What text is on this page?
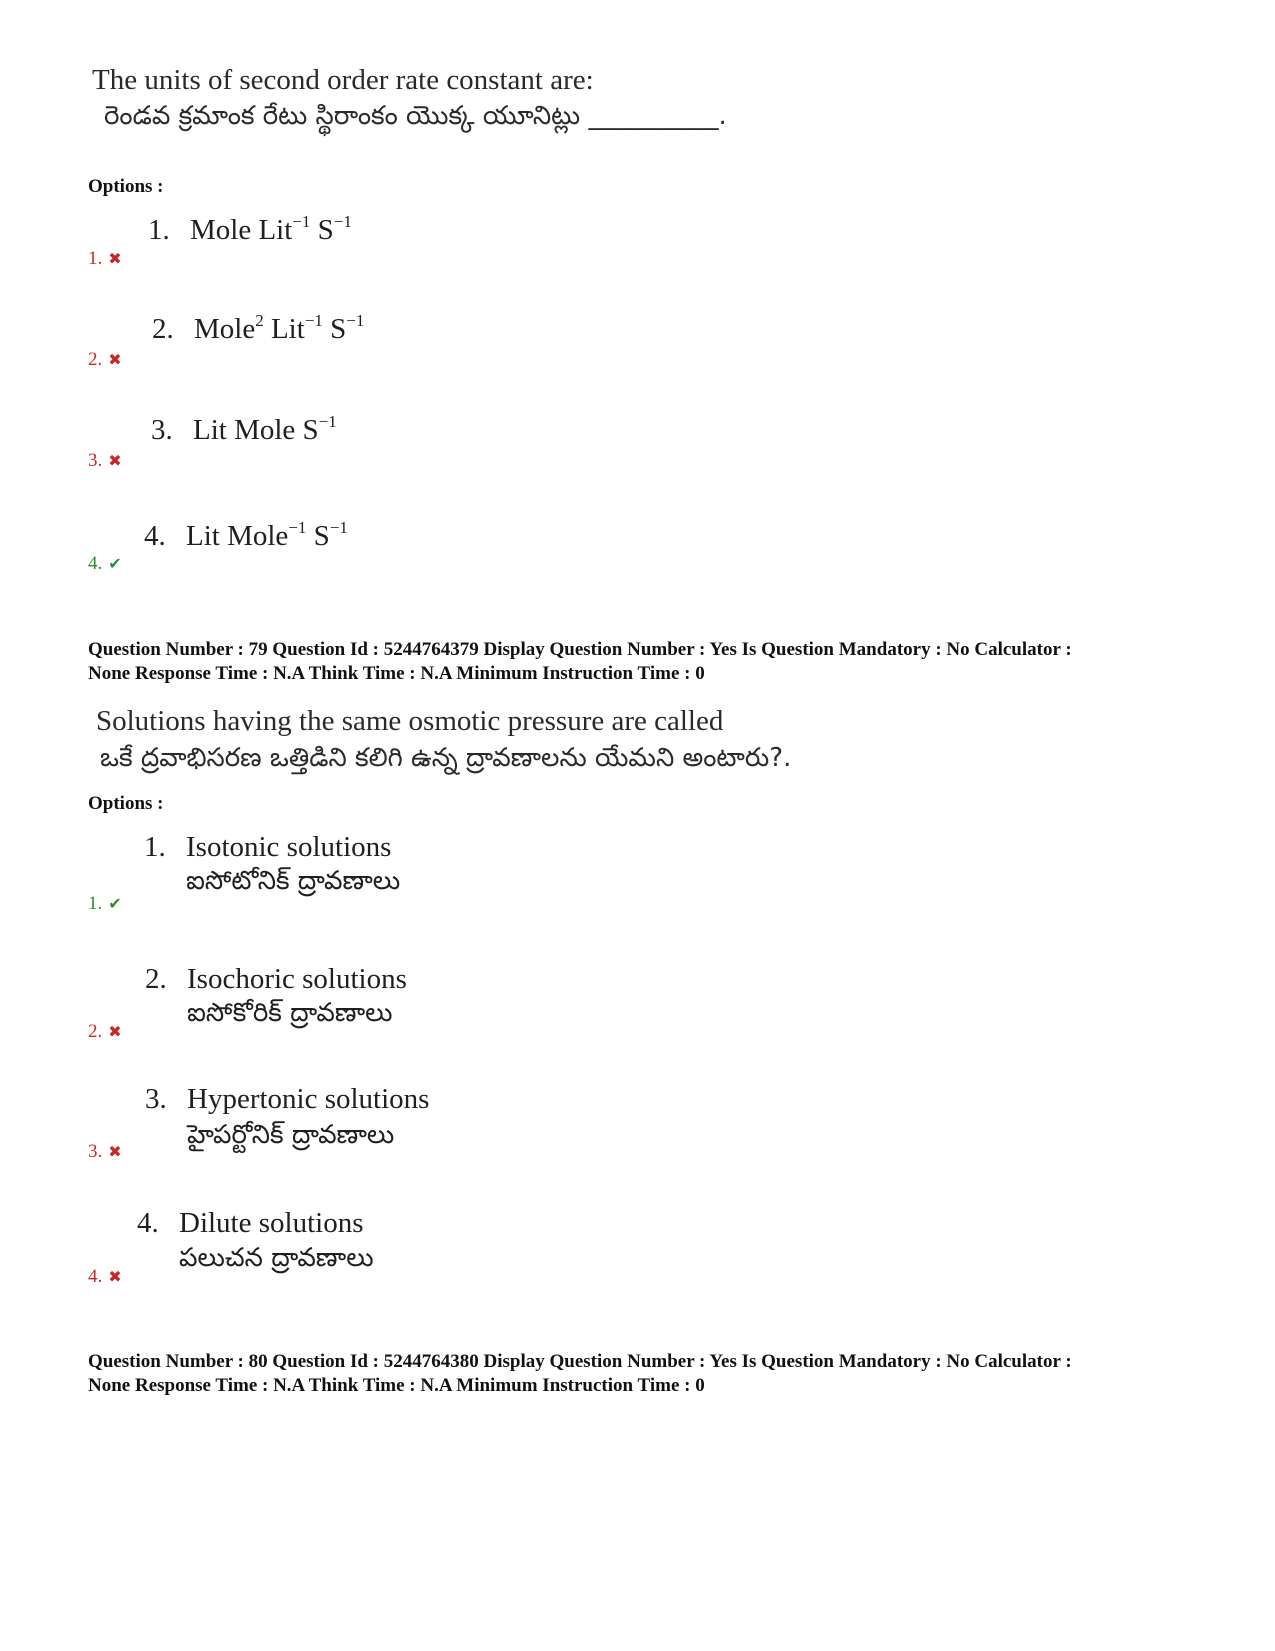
The units of second order rate constant are:
రెండవ క్రమాంక రేటు స్థిరాంకం యొక్క యూనిట్లు __________.
Options :
1. Mole Lit$^{-1}$ $S^{-1}$
1. ✖
2. Mole$^2$ Lit$^{-1}$ $S^{-1}$
2. ✖
3. Lit Mole $S^{-1}$
3. ✖
4. Lit Mole$^{-1}$ $S^{-1}$
4. ✔
Question Number : 79 Question Id : 5244764379 Display Question Number : Yes Is Question Mandatory : No Calculator :
None Response Time : N.A Think Time : N.A Minimum Instruction Time : 0
Solutions having the same osmotic pressure are called
ఒకే ద్రవాభిసరణ ఒత్తిడిని కలిగి ఉన్న ద్రావణాలను యేమని అంటారు?.
Options :
1. Isotonic solutions
ఐసోటోనిక్ ద్రావణాలు
1. ✔
2. Isochoric solutions
ఐసోకోరిక్ ద్రావణాలు
2. ✖
3. Hypertonic solutions
హైపర్టోనిక్ ద్రావణాలు
3. ✖
4. Dilute solutions
పలుచన ద్రావణాలు
4. ✖
Question Number : 80 Question Id : 5244764380 Display Question Number : Yes Is Question Mandatory : No Calculator :
None Response Time : N.A Think Time : N.A Minimum Instruction Time : 0
